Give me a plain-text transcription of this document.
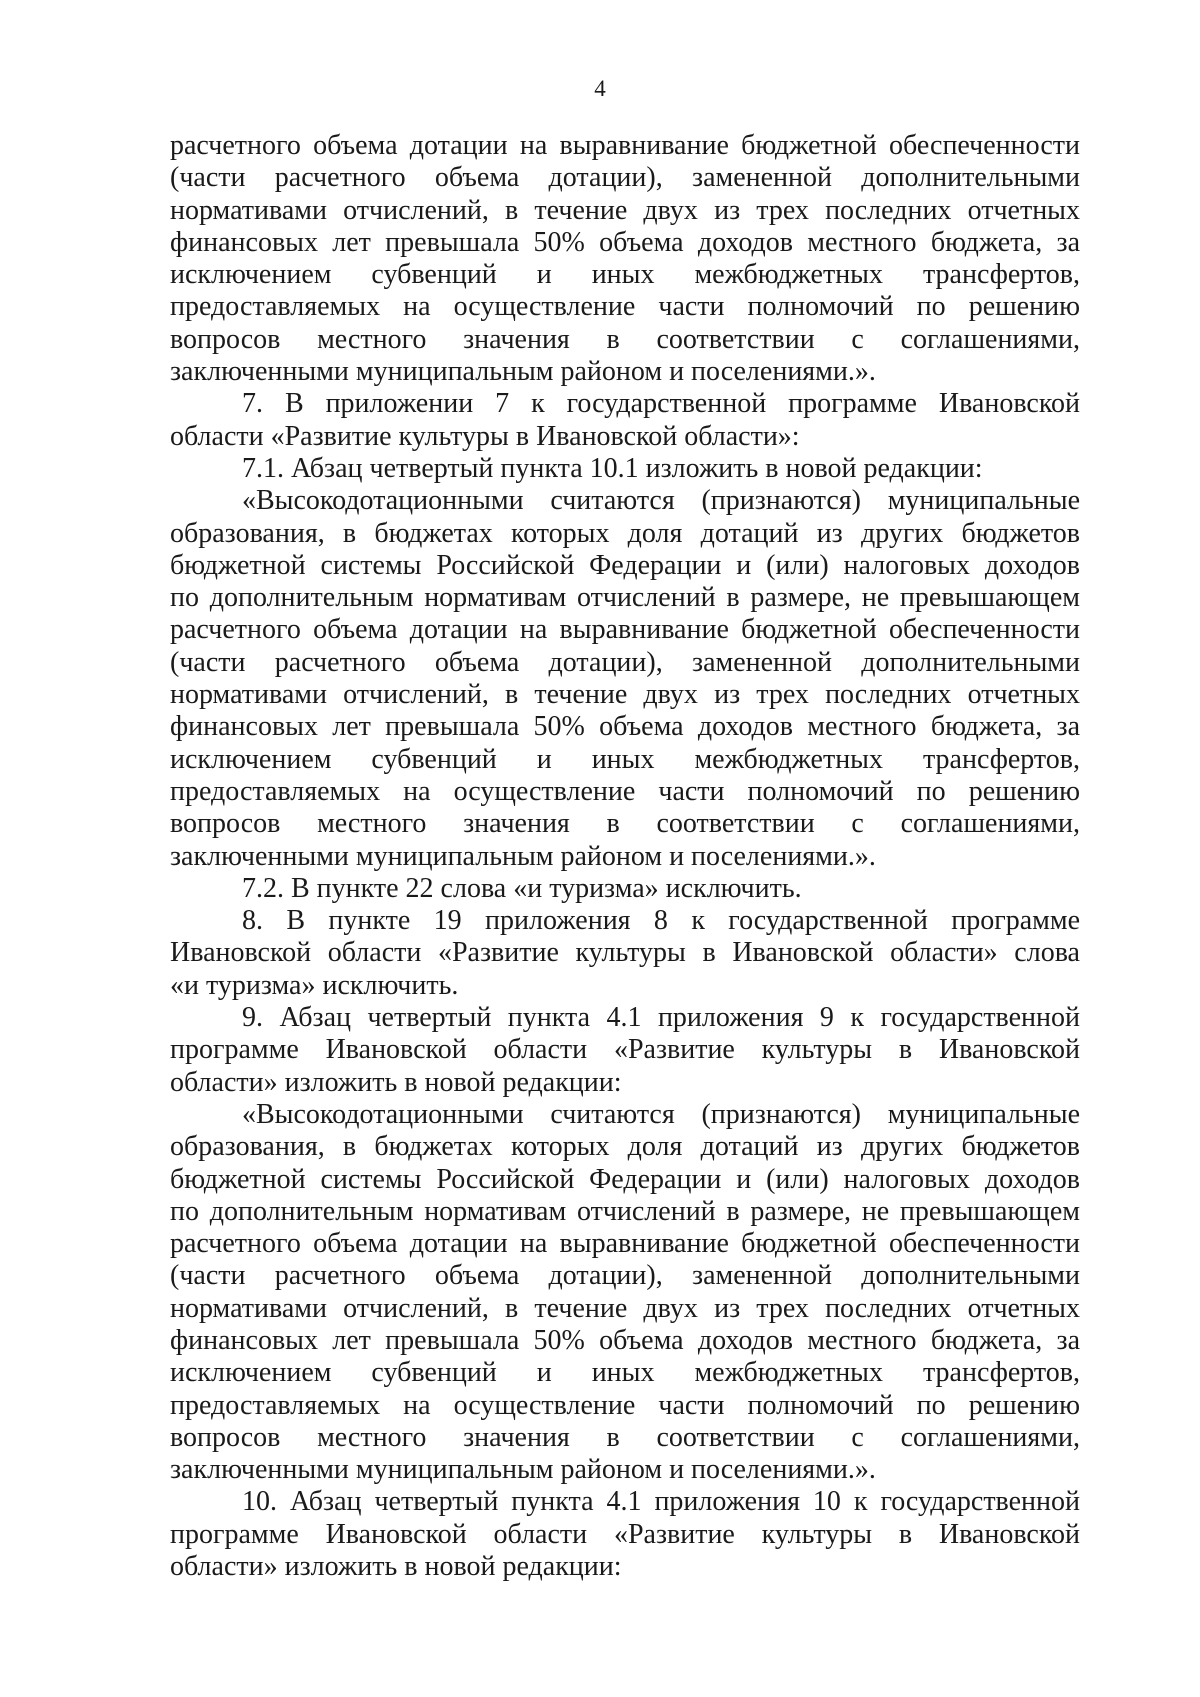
4
расчетного объема дотации на выравнивание бюджетной обеспеченности
(части расчетного объема дотации), замененной дополнительными
нормативами отчислений, в течение двух из трех последних отчетных
финансовых лет превышала 50% объема доходов местного бюджета, за
исключением субвенций и иных межбюджетных трансфертов,
предоставляемых на осуществление части полномочий по решению
вопросов местного значения в соответствии с соглашениями,
заключенными муниципальным районом и поселениями.».
7. В приложении 7 к государственной программе Ивановской
области «Развитие культуры в Ивановской области»:
7.1. Абзац четвертый пункта 10.1 изложить в новой редакции:
«Высокодотационными считаются (признаются) муниципальные
образования, в бюджетах которых доля дотаций из других бюджетов
бюджетной системы Российской Федерации и (или) налоговых доходов
по дополнительным нормативам отчислений в размере, не превышающем
расчетного объема дотации на выравнивание бюджетной обеспеченности
(части расчетного объема дотации), замененной дополнительными
нормативами отчислений, в течение двух из трех последних отчетных
финансовых лет превышала 50% объема доходов местного бюджета, за
исключением субвенций и иных межбюджетных трансфертов,
предоставляемых на осуществление части полномочий по решению
вопросов местного значения в соответствии с соглашениями,
заключенными муниципальным районом и поселениями.».
7.2. В пункте 22 слова «и туризма» исключить.
8. В пункте 19 приложения 8 к государственной программе
Ивановской области «Развитие культуры в Ивановской области» слова
«и туризма» исключить.
9. Абзац четвертый пункта 4.1 приложения 9 к государственной
программе Ивановской области «Развитие культуры в Ивановской
области» изложить в новой редакции:
«Высокодотационными считаются (признаются) муниципальные
образования, в бюджетах которых доля дотаций из других бюджетов
бюджетной системы Российской Федерации и (или) налоговых доходов
по дополнительным нормативам отчислений в размере, не превышающем
расчетного объема дотации на выравнивание бюджетной обеспеченности
(части расчетного объема дотации), замененной дополнительными
нормативами отчислений, в течение двух из трех последних отчетных
финансовых лет превышала 50% объема доходов местного бюджета, за
исключением субвенций и иных межбюджетных трансфертов,
предоставляемых на осуществление части полномочий по решению
вопросов местного значения в соответствии с соглашениями,
заключенными муниципальным районом и поселениями.».
10. Абзац четвертый пункта 4.1 приложения 10 к государственной
программе Ивановской области «Развитие культуры в Ивановской
области» изложить в новой редакции:
